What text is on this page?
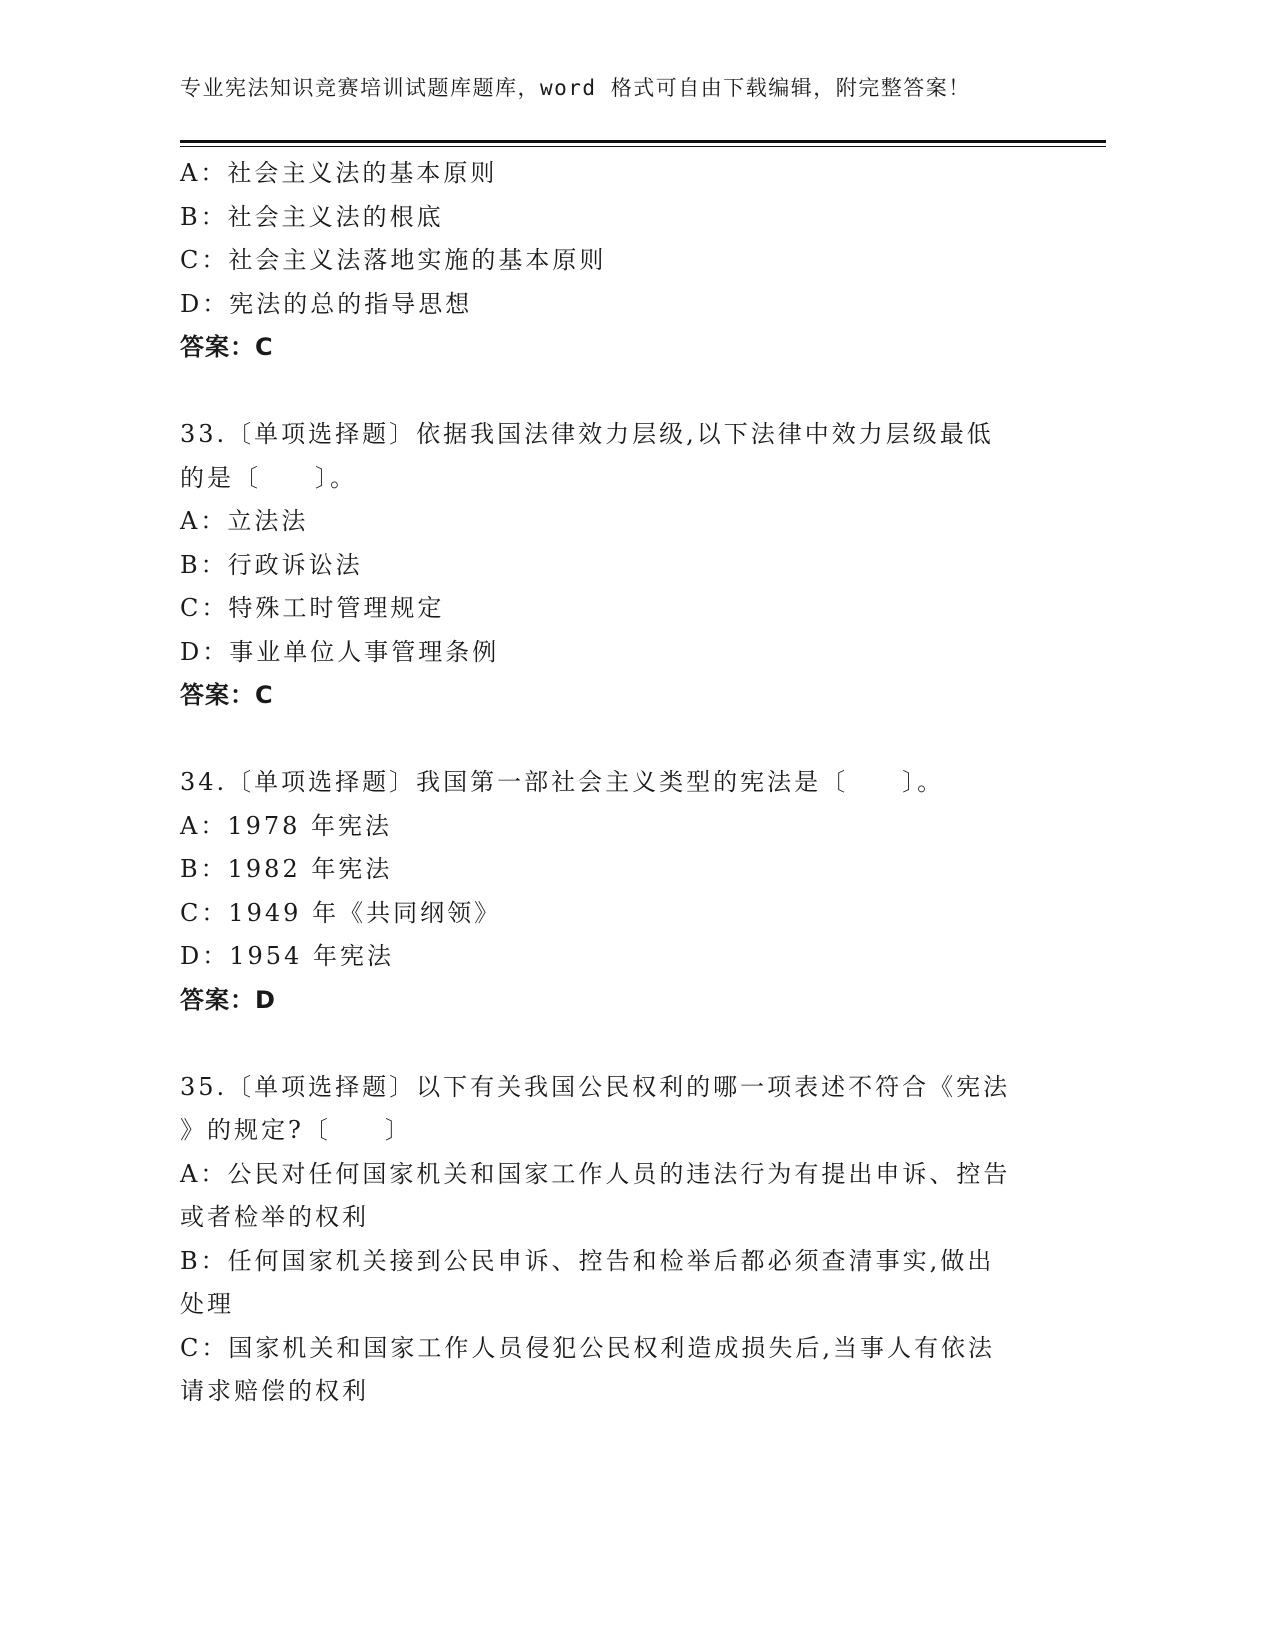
专业宪法知识竞赛培训试题库题库，word 格式可自由下载编辑，附完整答案！
A：社会主义法的基本原则
B：社会主义法的根底
C：社会主义法落地实施的基本原则
D：宪法的总的指导思想
答案：C
33.〔单项选择题〕依据我国法律效力层级,以下法律中效力层级最低
的是〔　　〕。
A：立法法
B：行政诉讼法
C：特殊工时管理规定
D：事业单位人事管理条例
答案：C
34.〔单项选择题〕我国第一部社会主义类型的宪法是〔　　〕。
A：1978 年宪法
B：1982 年宪法
C：1949 年《共同纲领》
D：1954 年宪法
答案：D
35.〔单项选择题〕以下有关我国公民权利的哪一项表述不符合《宪法
》的规定?〔　　〕
A：公民对任何国家机关和国家工作人员的违法行为有提出申诉、控告
或者检举的权利
B：任何国家机关接到公民申诉、控告和检举后都必须查清事实,做出
处理
C：国家机关和国家工作人员侵犯公民权利造成损失后,当事人有依法
请求赔偿的权利
